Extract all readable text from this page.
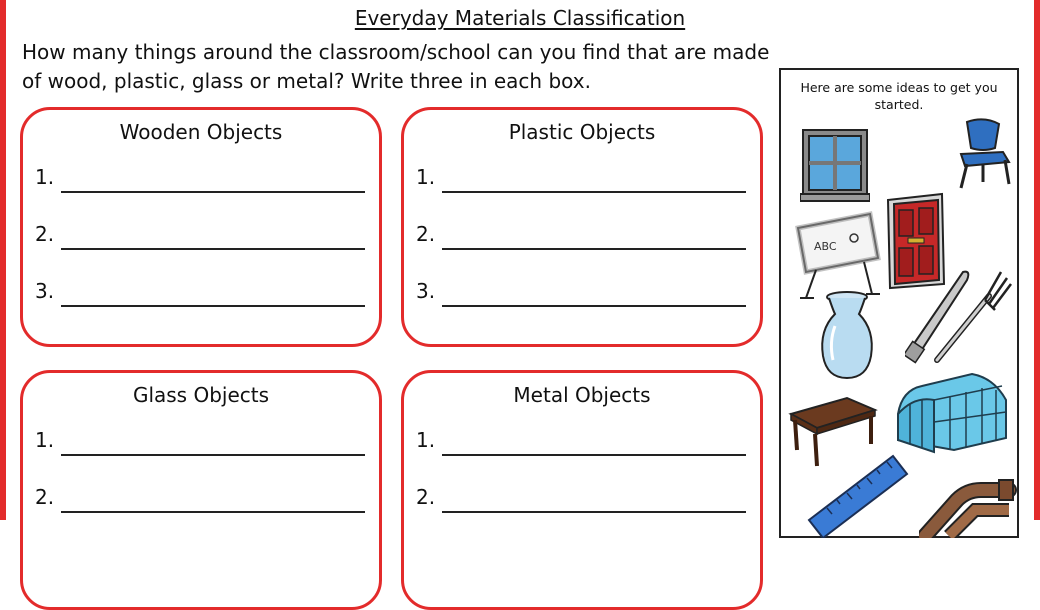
Everyday Materials Classification
How many things around the classroom/school can you find that are made of wood, plastic, glass or metal? Write three in each box.
Wooden Objects
1.
2.
3.
Plastic Objects
1.
2.
3.
Glass Objects
1.
2.
Metal Objects
1.
2.
Here are some ideas to get you started.
ABC
